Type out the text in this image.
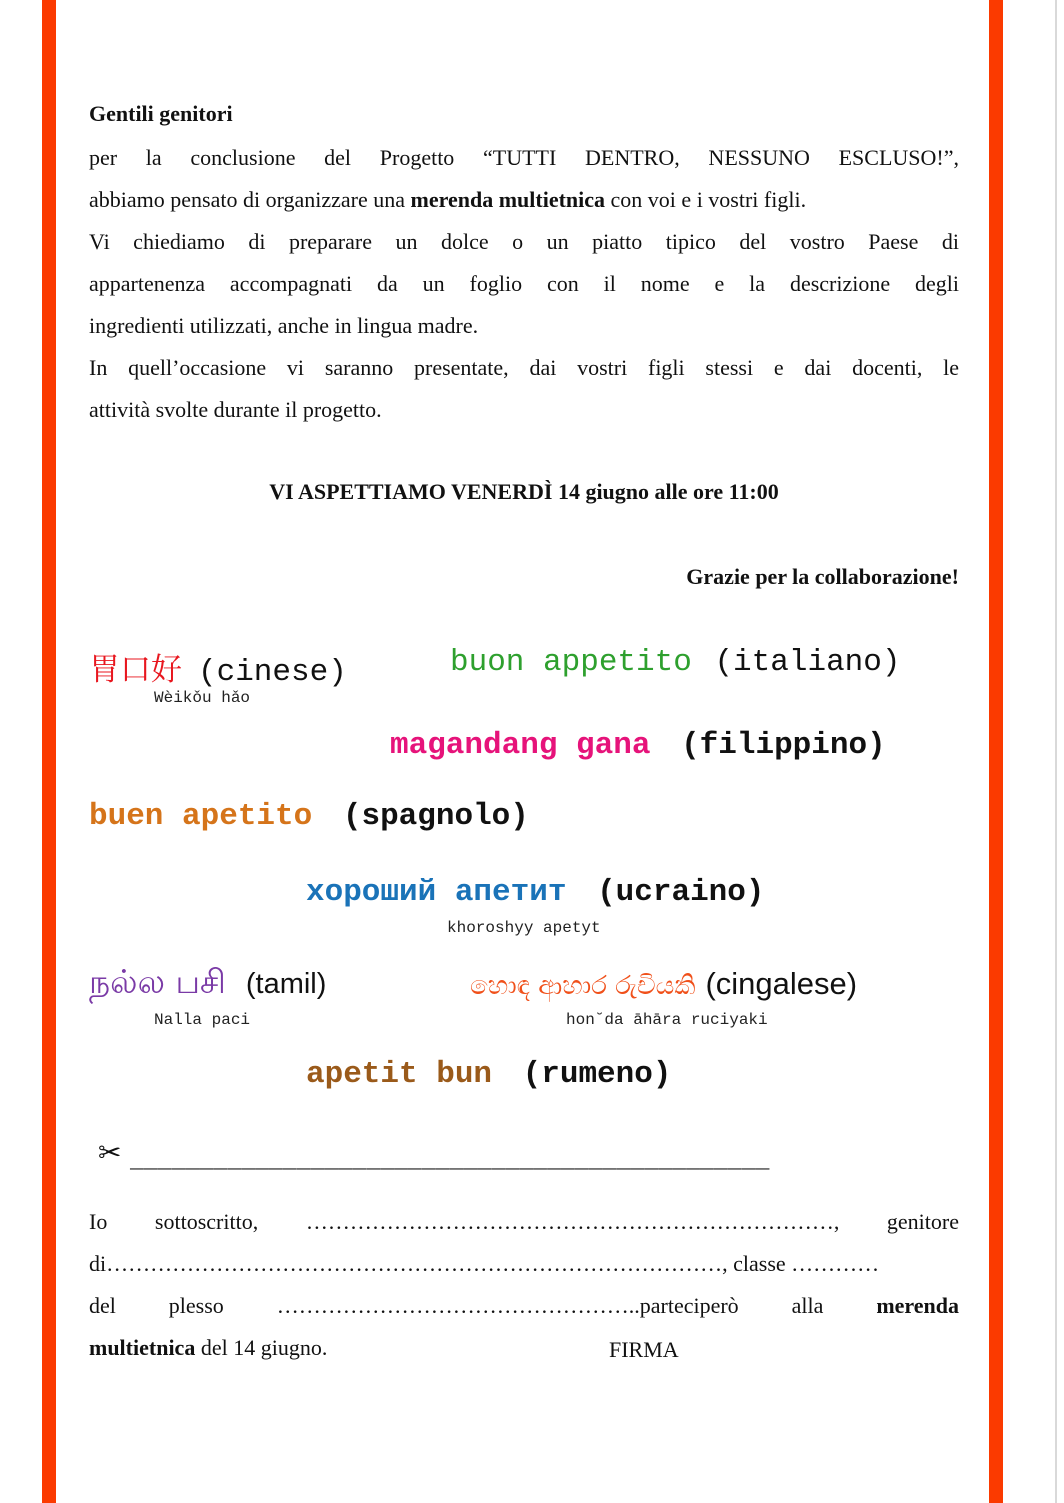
Gentili genitori
per la conclusione del Progetto “TUTTI DENTRO, NESSUNO ESCLUSO!”,
abbiamo pensato di organizzare una merenda multietnica con voi e i vostri figli.
Vi chiediamo di preparare un dolce o un piatto tipico del vostro Paese di
appartenenza accompagnati da un foglio con il nome e la descrizione degli
ingredienti utilizzati, anche in lingua madre.
In quell’occasione vi saranno presentate, dai vostri figli stessi e dai docenti, le
attività svolte durante il progetto.
VI ASPETTIAMO VENERDÌ 14 giugno alle ore 11:00
Grazie per la collaborazione!
胃口好 (cinese)
Wèikǒu hǎo
buon appetito (italiano)
magandang gana (filippino)
buen apetito (spagnolo)
хороший апетит (ucraino)
khoroshyy apetyt
நல்ல பசி (tamil)
Nalla paci
හොඳ ආහාර රුචියකි (cingalese)
hon˘da āhāra ruciyaki
apetit bun (rumeno)
✂ ______________________________________________
Io sottoscritto, ………………………………………………………………, genitore
di…………………………………………………………………………, classe …………
del plesso …………………………………………..parteciperò alla merenda
multietnica del 14 giugno.	FIRMA
